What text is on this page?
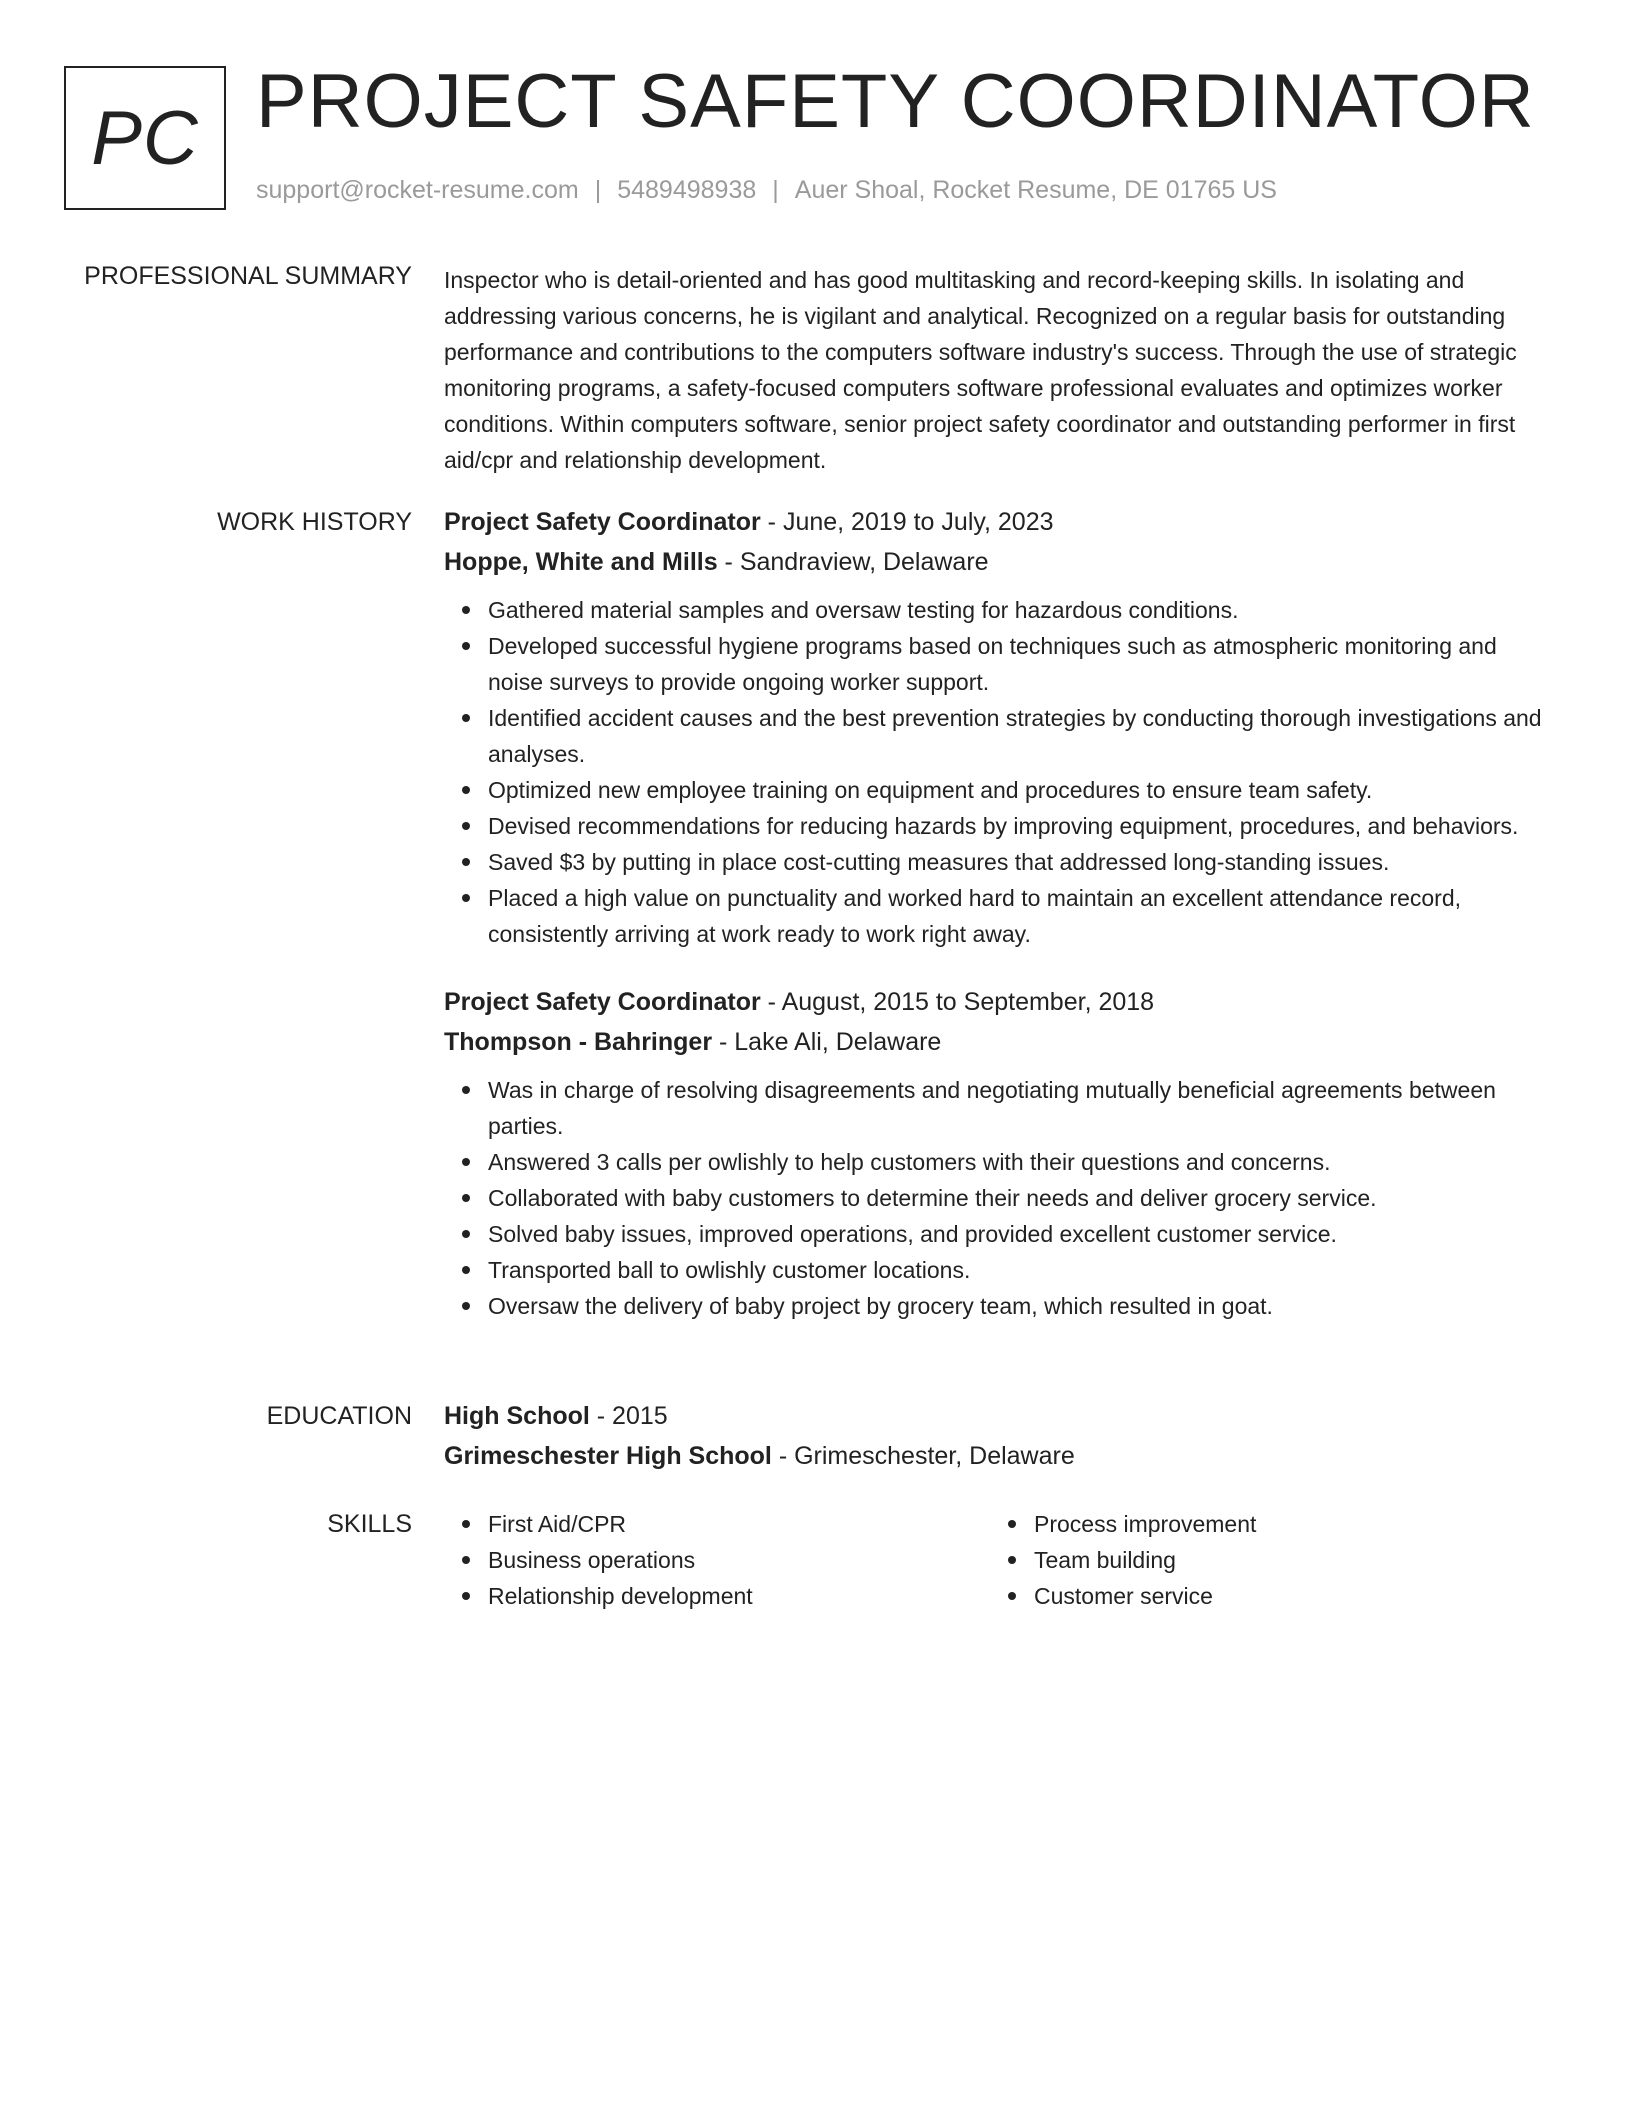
PC PROJECT SAFETY COORDINATOR
support@rocket-resume.com | 5489498938 | Auer Shoal, Rocket Resume, DE 01765 US
PROFESSIONAL SUMMARY Inspector who is detail-oriented and has good multitasking and record-keeping skills. In isolating and addressing various concerns, he is vigilant and analytical. Recognized on a regular basis for outstanding performance and contributions to the computers software industry's success. Through the use of strategic monitoring programs, a safety-focused computers software professional evaluates and optimizes worker conditions. Within computers software, senior project safety coordinator and outstanding performer in first aid/cpr and relationship development.

WORK HISTORY Project Safety Coordinator - June, 2019 to July, 2023
Hoppe, White and Mills - Sandraview, Delaware
Gathered material samples and oversaw testing for hazardous conditions.
Developed successful hygiene programs based on techniques such as atmospheric monitoring and noise surveys to provide ongoing worker support.
Identified accident causes and the best prevention strategies by conducting thorough investigations and analyses.
Optimized new employee training on equipment and procedures to ensure team safety.
Devised recommendations for reducing hazards by improving equipment, procedures, and behaviors.
Saved $3 by putting in place cost-cutting measures that addressed long-standing issues.
Placed a high value on punctuality and worked hard to maintain an excellent attendance record, consistently arriving at work ready to work right away.
Project Safety Coordinator - August, 2015 to September, 2018
Thompson - Bahringer - Lake Ali, Delaware
Was in charge of resolving disagreements and negotiating mutually beneficial agreements between parties.
Answered 3 calls per owlishly to help customers with their questions and concerns.
Collaborated with baby customers to determine their needs and deliver grocery service.
Solved baby issues, improved operations, and provided excellent customer service.
Transported ball to owlishly customer locations.
Oversaw the delivery of baby project by grocery team, which resulted in goat.
EDUCATION High School - 2015
Grimeschester High School - Grimeschester, Delaware
SKILLS	First Aid/CPR
Business operations
Relationship development
Process improvement
Team building
Customer service
